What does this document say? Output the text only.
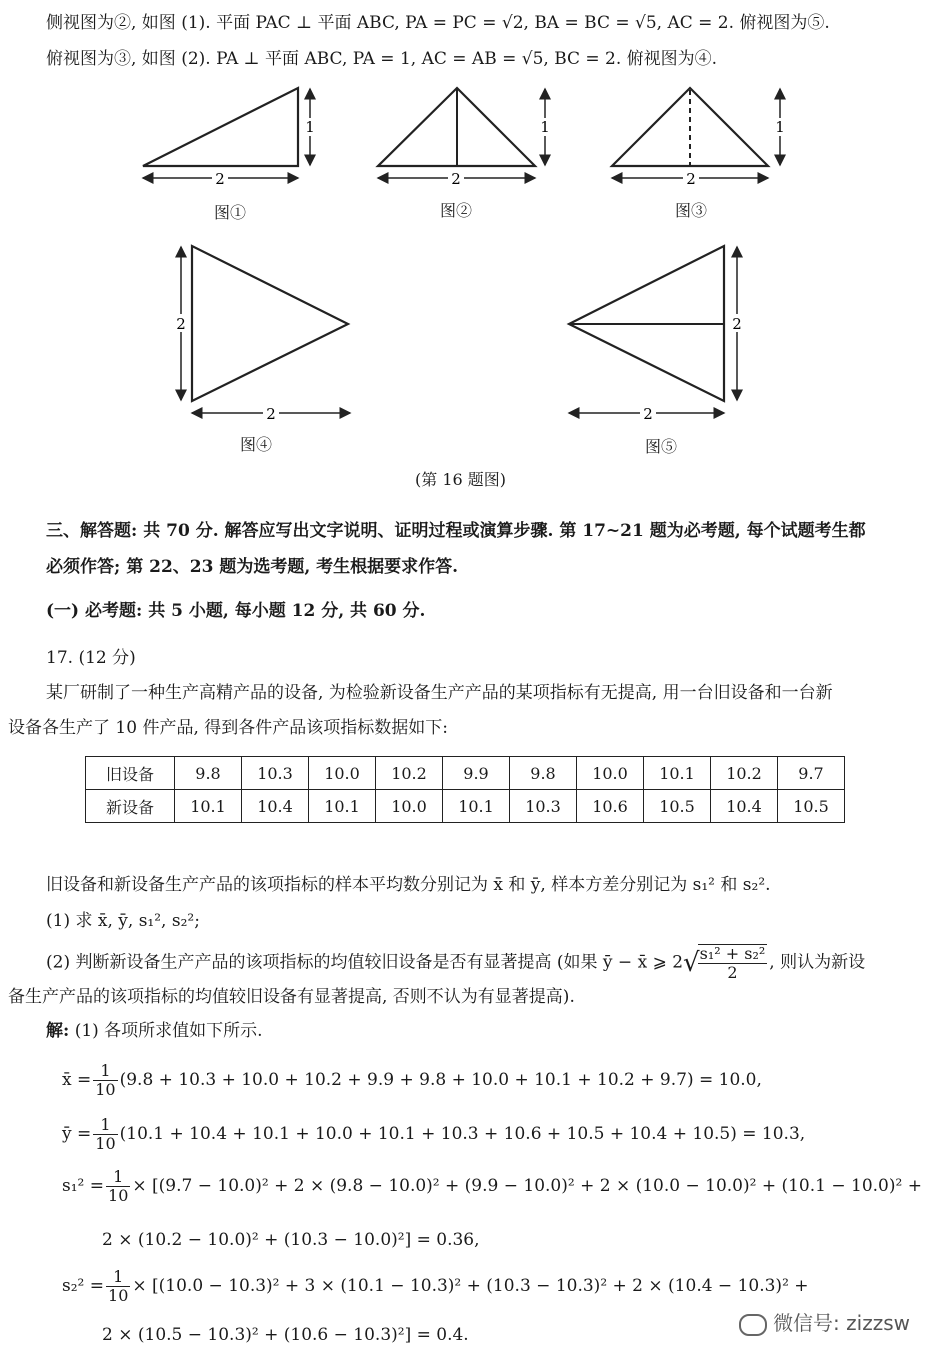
侧视图为②, 如图 (1). 平面 PAC ⊥ 平面 ABC, PA = PC = √2, BA = BC = √5, AC = 2. 俯视图为⑤.
俯视图为③, 如图 (2). PA ⊥ 平面 ABC, PA = 1, AC = AB = √5, BC = 2. 俯视图为④.
2
1
2
1
2
1
2
2
2
2
图①	图②	图③
图④	图⑤
(第 16 题图)
三、解答题: 共 70 分. 解答应写出文字说明、证明过程或演算步骤. 第 17~21 题为必考题, 每个试题考生都
必须作答; 第 22、23 题为选考题, 考生根据要求作答.
(一) 必考题: 共 5 小题, 每小题 12 分, 共 60 分.
17. (12 分)
某厂研制了一种生产高精产品的设备, 为检验新设备生产产品的某项指标有无提高, 用一台旧设备和一台新
设备各生产了 10 件产品, 得到各件产品该项指标数据如下:
旧设备	9.8	10.3	10.0	10.2	9.9	9.8	10.0	10.1	10.2	9.7
新设备	10.1	10.4	10.1	10.0	10.1	10.3	10.6	10.5	10.4	10.5
旧设备和新设备生产产品的该项指标的样本平均数分别记为 x̄ 和 ȳ, 样本方差分别记为 s₁² 和 s₂².
(1) 求 x̄, ȳ, s₁², s₂²;
(2) 判断新设备生产产品的该项指标的均值较旧设备是否有显著提高 (如果 ȳ − x̄ ⩾ 2√
$\frac{\text{s₁² + s₂²}}{2}$ , 则认为新设
备生产产品的该项指标的均值较旧设备有显著提高, 否则不认为有显著提高).
解: (1) 各项所求值如下所示.
x̄ = $\frac{1}{10} (9.8 + 10.3 + 10.0 + 10.2 + 9.9 + 9.8 + 10.0 + 10.1 + 10.2 + 9.7) = 10.0$,
ȳ = $\frac{1}{10} (10.1 + 10.4 + 10.1 + 10.0 + 10.1 + 10.3 + 10.6 + 10.5 + 10.4 + 10.5) = 10.3$,
$s_1^2 = \frac{1}{10} \times [(9.7 - 10.0)^2 + 2 \times (9.8 - 10.0)^2 + (9.9 - 10.0)^2 + 2 \times (10.0 - 10.0)^2 + (10.1 - 10.0)^2$ +
2 × (10.2 − 10.0)² + (10.3 − 10.0)²] = 0.36,
$s_2^2 = \frac{1}{10} \times [(10.0 - 10.3)^2 + 3 \times (10.1 - 10.3)^2 + (10.3 - 10.3)^2 + 2 \times (10.4 - 10.3)^2$ +
2 × (10.5 − 10.3)² + (10.6 − 10.3)²] = 0.4.	微信号: zizzsw
